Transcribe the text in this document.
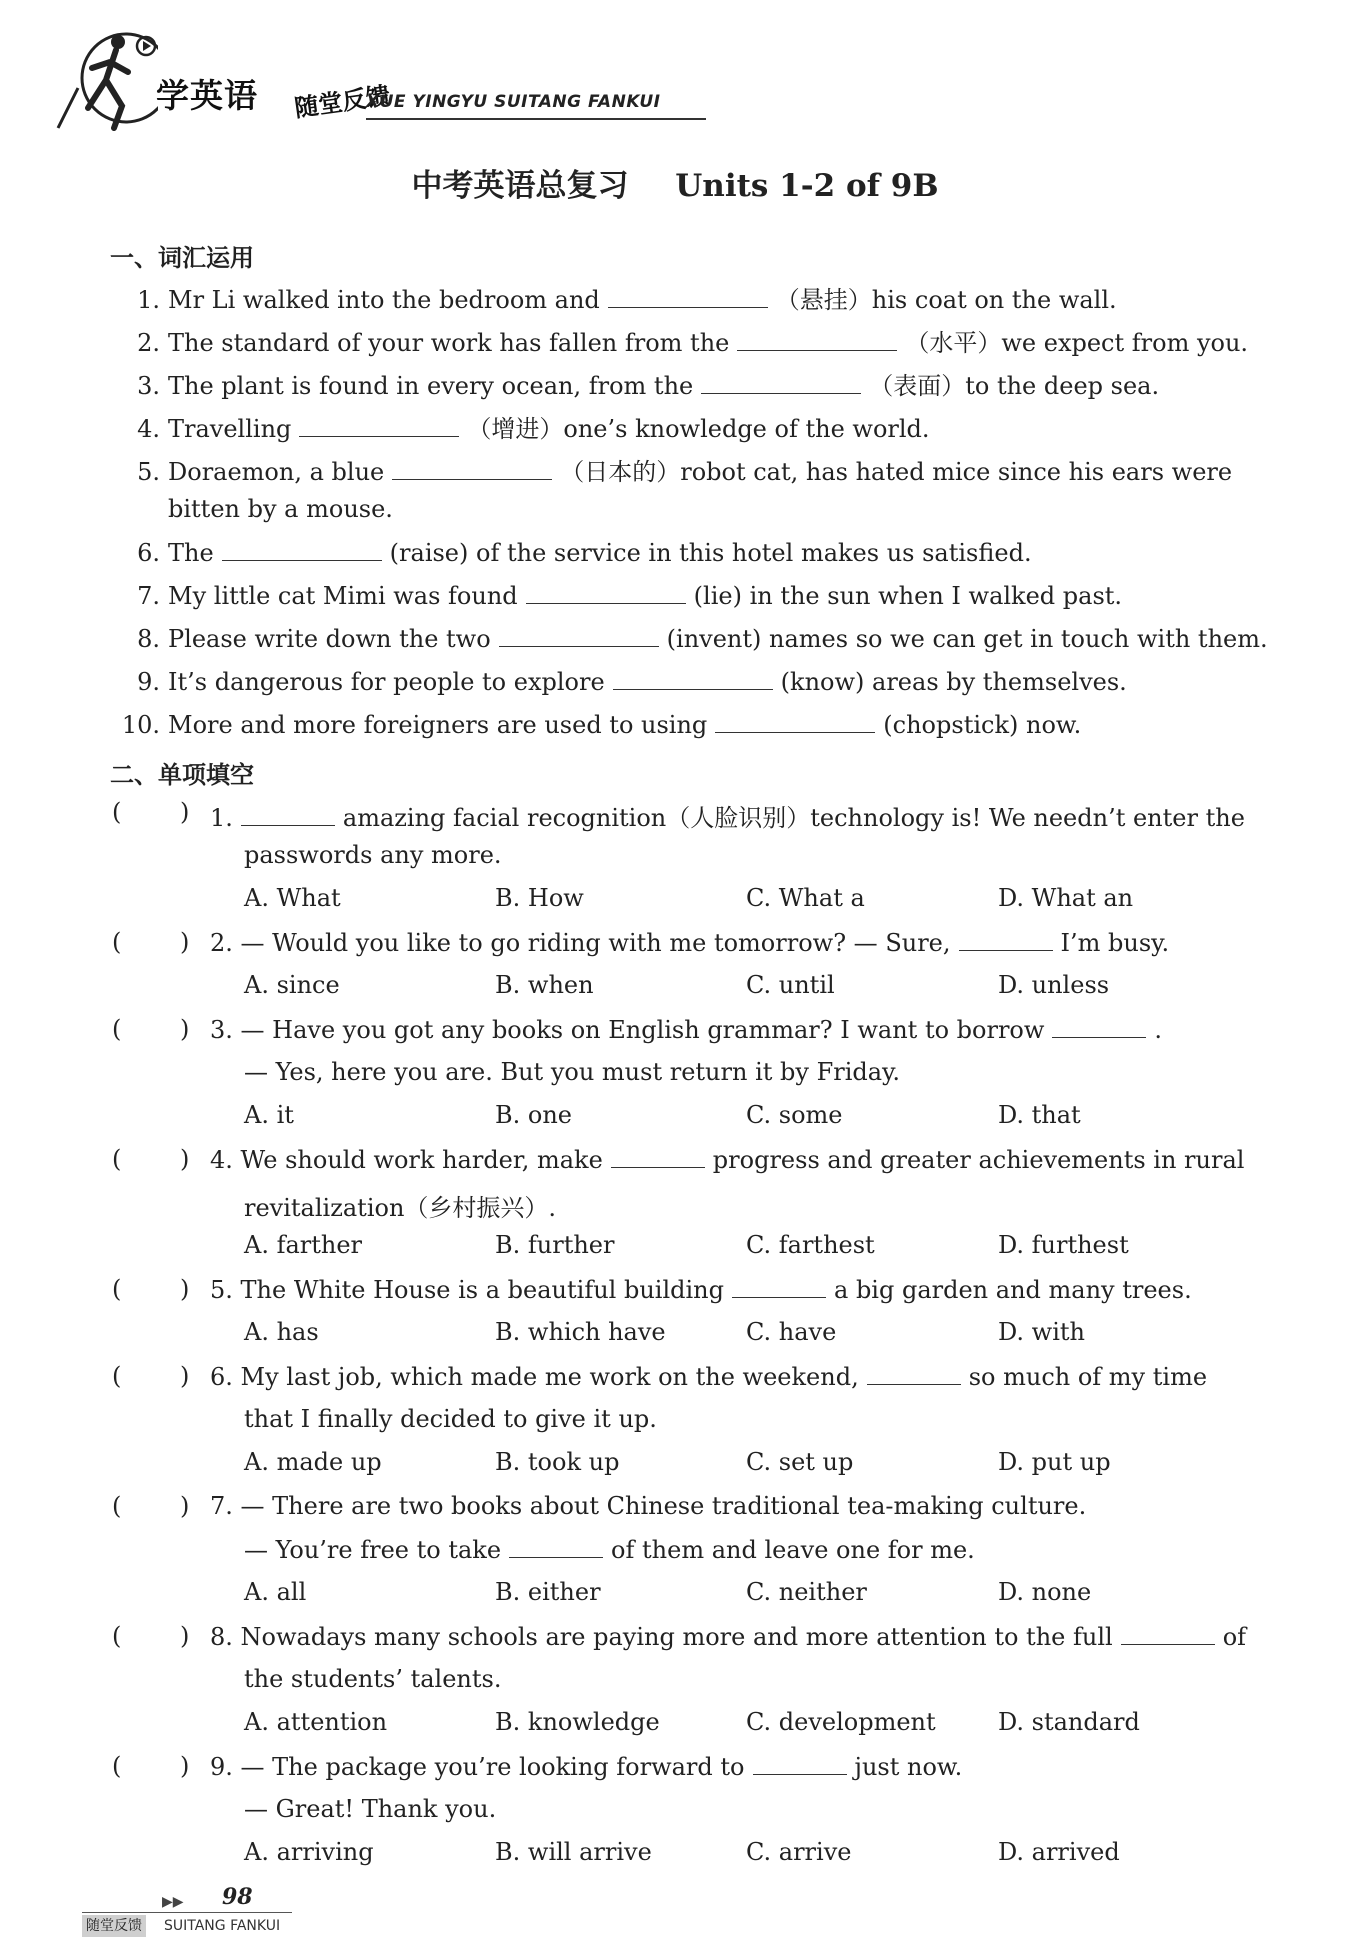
学英语 随堂反馈
XUE YINGYU SUITANG FANKUI
中考英语总复习 Units 1-2 of 9B
一、词汇运用
1. Mr Li walked into the bedroom and	（悬挂）his coat on the wall.
2. The standard of your work has fallen from the	（水平）we expect from you.
3. The plant is found in every ocean, from the	（表面）to the deep sea.
4. Travelling	（增进）one’s knowledge of the world.
5. Doraemon, a blue	（日本的）robot cat, has hated mice since his ears were
bitten by a mouse.
6. The	(raise) of the service in this hotel makes us satisfied.
7. My little cat Mimi was found	(lie) in the sun when I walked past.
8. Please write down the two	(invent) names so we can get in touch with them.
9. It’s dangerous for people to explore	(know) areas by themselves.
10. More and more foreigners are used to using	(chopstick) now.
二、单项填空
( ) 1.	amazing facial recognition（人脸识别）technology is! We needn’t enter the
passwords any more.
A. What	B. How	C. What a	D. What an
( ) 2. — Would you like to go riding with me tomorrow? — Sure,	I’m busy.
A. since	B. when	C. until	D. unless
( ) 3. — Have you got any books on English grammar? I want to borrow	.
— Yes, here you are. But you must return it by Friday.
A. it	B. one	C. some	D. that
( ) 4. We should work harder, make	progress and greater achievements in rural
revitalization（乡村振兴）.
A. farther	B. further	C. farthest	D. furthest
( ) 5. The White House is a beautiful building	a big garden and many trees.
A. has	B. which have	C. have	D. with
( ) 6. My last job, which made me work on the weekend,	so much of my time
that I finally decided to give it up.
A. made up	B. took up	C. set up	D. put up
( ) 7. — There are two books about Chinese traditional tea-making culture.
— You’re free to take	of them and leave one for me.
A. all	B. either	C. neither	D. none
( ) 8. Nowadays many schools are paying more and more attention to the full	of
the students’ talents.
A. attention	B. knowledge	C. development	D. standard
( ) 9. — The package you’re looking forward to	just now.
— Great! Thank you.
A. arriving	B. will arrive	C. arrive	D. arrived
▶▶ 98
随堂反馈 SUITANG FANKUI
